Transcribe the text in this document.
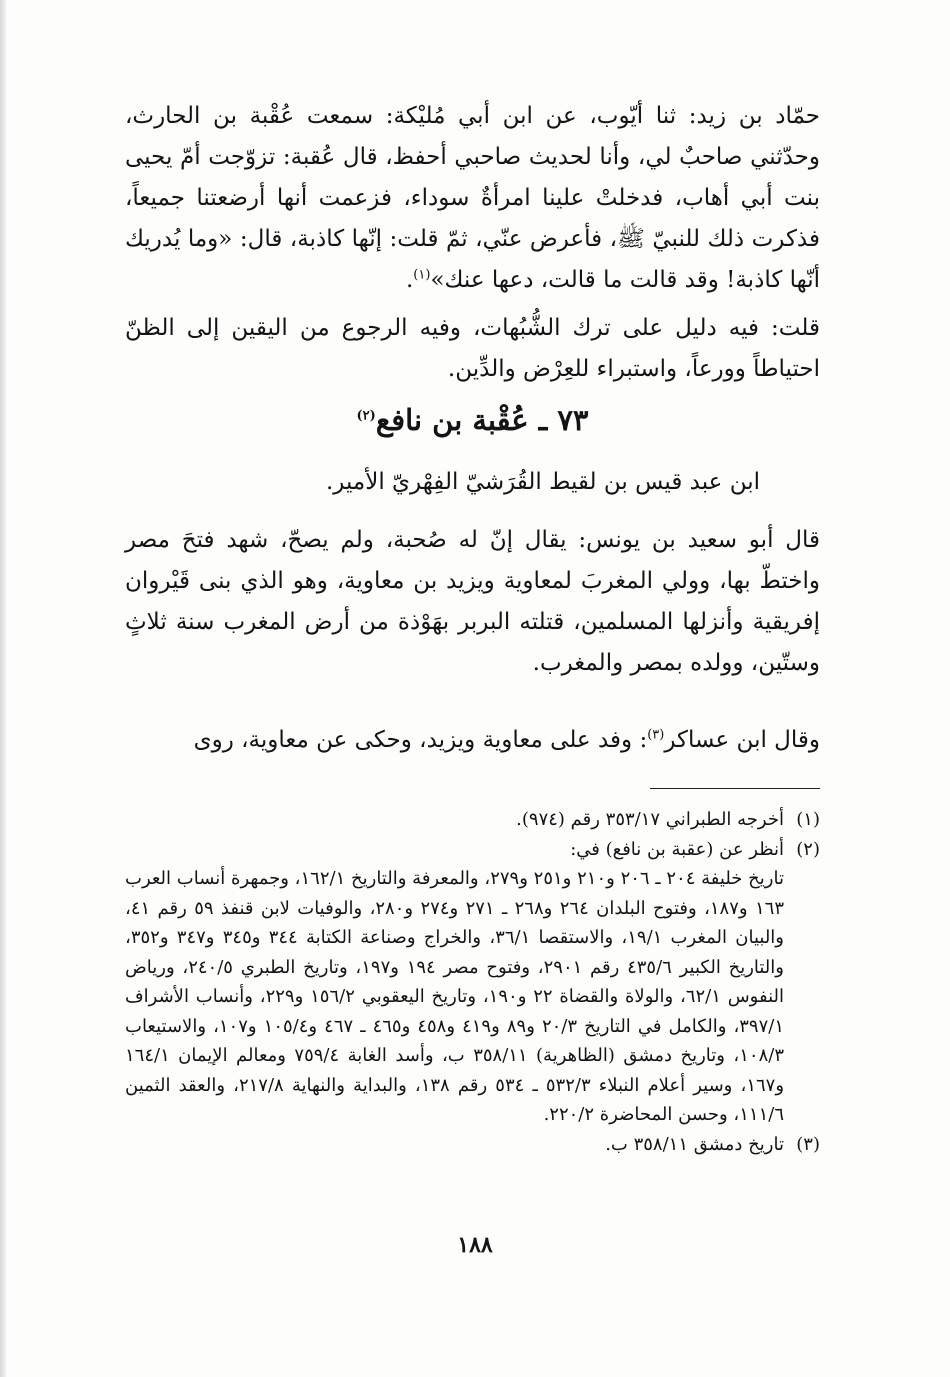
حمّاد بن زيد: ثنا أيّوب، عن ابن أبي مُليْكة: سمعت عُقْبة بن الحارث، وحدّثني صاحبٌ لي، وأنا لحديث صاحبي أحفظ، قال عُقبة: تزوّجت أمّ يحيى بنت أبي أهاب، فدخلتْ علينا امرأةٌ سوداء، فزعمت أنها أرضعتنا جميعاً، فذكرت ذلك للنبيّ ﷺ، فأعرض عنّي، ثمّ قلت: إنّها كاذبة، قال: «وما يُدريك أنّها كاذبة! وقد قالت ما قالت، دعها عنك»$^{(١)}$.

قلت: فيه دليل على ترك الشُّبُهات، وفيه الرجوع من اليقين إلى الظنّ احتياطاً وورعاً، واستبراء للعِرْض والدِّين.

٧٣ ـ عُقْبة بن نافع$^{(٢)}$

ابن عبد قيس بن لقيط القُرَشيّ الفِهْريّ الأمير.

قال أبو سعيد بن يونس: يقال إنّ له صُحبة، ولم يصحّ، شهد فتحَ مصر واختطّ بها، وولي المغربَ لمعاوية ويزيد بن معاوية، وهو الذي بنى قَيْروان إفريقية وأنزلها المسلمين، قتلته البربر بهَوْذة من أرض المغرب سنة ثلاثٍ وستّين، وولده بمصر والمغرب.

وقال ابن عساكر$^{(٣)}$: وفد على معاوية ويزيد، وحكى عن معاوية، روى

(١)
أخرجه الطبراني ٣٥٣/١٧ رقم (٩٧٤).
(٢)
أنظر عن (عقبة بن نافع) في:
تاريخ خليفة ٢٠٤ ـ ٢٠٦ و٢١٠ و٢٥١ و٢٧٩، والمعرفة والتاريخ ١٦٢/١، وجمهرة أنساب العرب ١٦٣ و١٨٧، وفتوح البلدان ٢٦٤ و٢٦٨ ـ ٢٧١ و٢٧٤ و٢٨٠، والوفيات لابن قنفذ ٥٩ رقم ٤١، والبيان المغرب ١٩/١، والاستقصا ٣٦/١، والخراج وصناعة الكتابة ٣٤٤ و٣٤٥ و٣٤٧ و٣٥٢، والتاريخ الكبير ٤٣٥/٦ رقم ٢٩٠١، وفتوح مصر ١٩٤ و١٩٧، وتاريخ الطبري ٢٤٠/٥، ورياض النفوس ٦٢/١، والولاة والقضاة ٢٢ و١٩٠، وتاريخ اليعقوبي ١٥٦/٢ و٢٢٩، وأنساب الأشراف ٣٩٧/١، والكامل في التاريخ ٢٠/٣ و٨٩ و٤١٩ و٤٥٨ و٤٦٥ ـ ٤٦٧ و١٠٥/٤ و١٠٧، والاستيعاب ١٠٨/٣، وتاريخ دمشق (الظاهرية) ٣٥٨/١١ ب، وأسد الغابة ٧٥٩/٤ ومعالم الإيمان ١٦٤/١ و١٦٧، وسير أعلام النبلاء ٥٣٢/٣ ـ ٥٣٤ رقم ١٣٨، والبداية والنهاية ٢١٧/٨، والعقد الثمين ١١١/٦، وحسن المحاضرة ٢٢٠/٢.
(٣)
تاريخ دمشق ٣٥٨/١١ ب.
١٨٨
